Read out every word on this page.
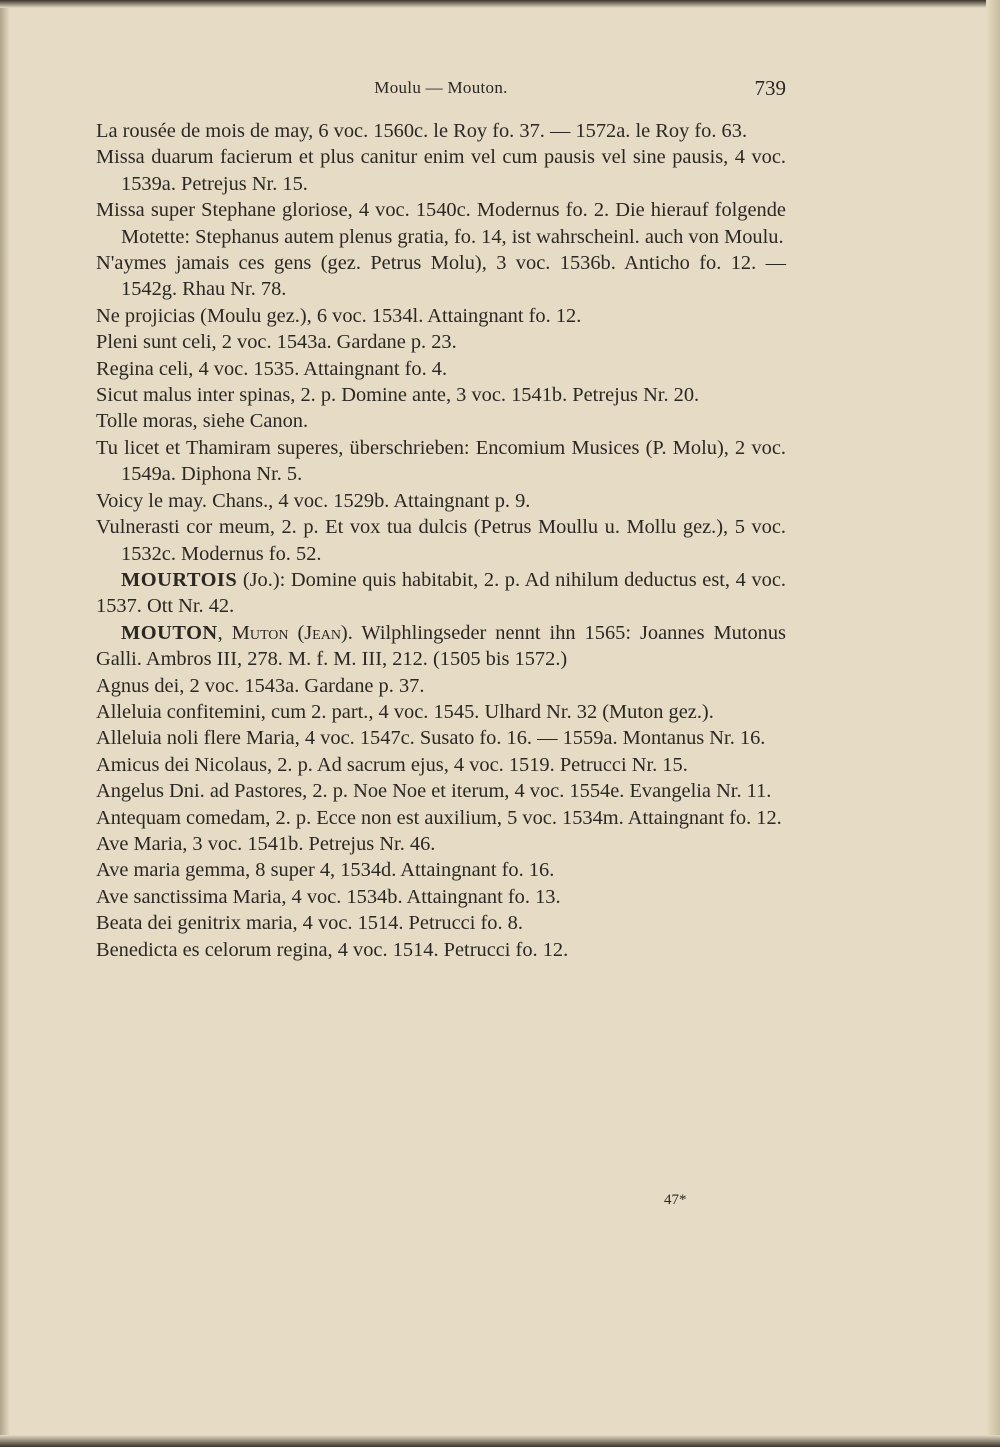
Moulu — Mouton.	739

La rousée de mois de may, 6 voc. 1560c. le Roy fo. 37. — 1572a. le Roy fo. 63.

Missa duarum facierum et plus canitur enim vel cum pausis vel sine pausis, 4 voc. 1539a. Petrejus Nr. 15.

Missa super Stephane gloriose, 4 voc. 1540c. Modernus fo. 2. Die hierauf folgende Motette: Stephanus autem plenus gratia, fo. 14, ist wahrscheinl. auch von Moulu.

N'aymes jamais ces gens (gez. Petrus Molu), 3 voc. 1536b. Anticho fo. 12. — 1542g. Rhau Nr. 78.

Ne projicias (Moulu gez.), 6 voc. 1534l. Attaingnant fo. 12.

Pleni sunt celi, 2 voc. 1543a. Gardane p. 23.

Regina celi, 4 voc. 1535. Attaingnant fo. 4.

Sicut malus inter spinas, 2. p. Domine ante, 3 voc. 1541b. Petrejus Nr. 20.

Tolle moras, siehe Canon.

Tu licet et Thamiram superes, überschrieben: Encomium Musices (P. Molu), 2 voc. 1549a. Diphona Nr. 5.

Voicy le may. Chans., 4 voc. 1529b. Attaingnant p. 9.

Vulnerasti cor meum, 2. p. Et vox tua dulcis (Petrus Moullu u. Mollu gez.), 5 voc. 1532c. Modernus fo. 52.

MOURTOIS (Jo.): Domine quis habitabit, 2. p. Ad nihilum deductus est, 4 voc. 1537. Ott Nr. 42.

MOUTON, Muton (Jean). Wilphlingseder nennt ihn 1565: Joannes Mutonus Galli. Ambros III, 278. M. f. M. III, 212. (1505 bis 1572.)

Agnus dei, 2 voc. 1543a. Gardane p. 37.

Alleluia confitemini, cum 2. part., 4 voc. 1545. Ulhard Nr. 32 (Muton gez.).

Alleluia noli flere Maria, 4 voc. 1547c. Susato fo. 16. — 1559a. Montanus Nr. 16.

Amicus dei Nicolaus, 2. p. Ad sacrum ejus, 4 voc. 1519. Petrucci Nr. 15.

Angelus Dni. ad Pastores, 2. p. Noe Noe et iterum, 4 voc. 1554e. Evangelia Nr. 11.

Antequam comedam, 2. p. Ecce non est auxilium, 5 voc. 1534m. Attaingnant fo. 12.

Ave Maria, 3 voc. 1541b. Petrejus Nr. 46.

Ave maria gemma, 8 super 4, 1534d. Attaingnant fo. 16.

Ave sanctissima Maria, 4 voc. 1534b. Attaingnant fo. 13.

Beata dei genitrix maria, 4 voc. 1514. Petrucci fo. 8.

Benedicta es celorum regina, 4 voc. 1514. Petrucci fo. 12.

47*
